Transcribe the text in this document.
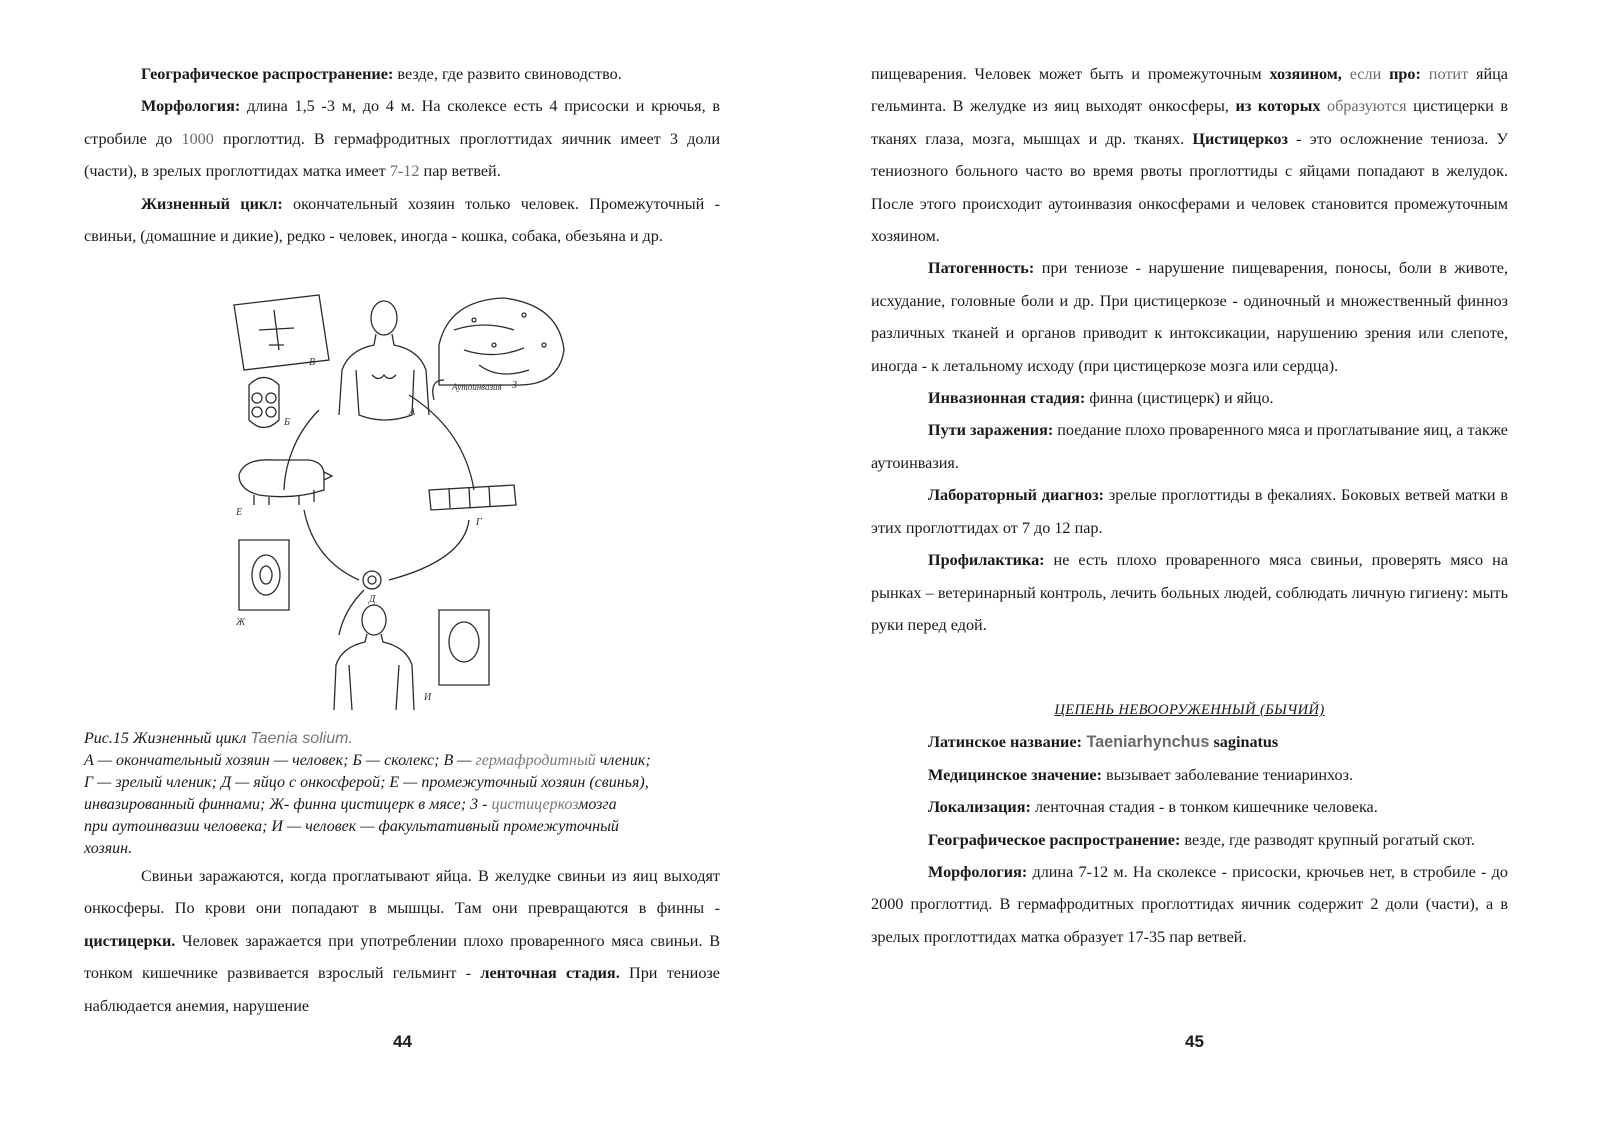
Географическое распространение: везде, где развито свиноводство.

Морфология: длина 1,5 -3 м, до 4 м. На сколексе есть 4 присоски и крючья, в стробиле до 1000 проглоттид. В гермафродитных проглоттидах яичник имеет 3 доли (части), в зрелых проглоттидах матка имеет 7-12 пар ветвей.

Жизненный цикл: окончательный хозяин только человек. Промежуточный - свиньи, (домашние и дикие), редко - человек, иногда - кошка, собака, обезьяна и др.

В
Б
А
З
Аутоинвазия
Е
Г
Д
Ж
И
Рис.15 Жизненный цикл Taenia solium.
А — окончательный хозяин — человек; Б — сколекс; В — гермафродитный членик;
Г — зрелый членик; Д — яйцо с онкосферой; Е — промежуточный хозяин (свинья),
инвазированный финнами; Ж- финна цистицерк в мясе; 3 - цистицеркозмозга
при аутоинвазии человека; И — человек — факультативный промежуточный
хозяин.

Свиньи заражаются, когда проглатывают яйца. В желудке свиньи из яиц выходят онкосферы. По крови они попадают в мышцы. Там они превращаются в финны - цистицерки. Человек заражается при употреблении плохо проваренного мяса свиньи. В тонком кишечнике развивается взрослый гельминт - ленточная стадия. При тениозе наблюдается анемия, нарушение

44

пищеварения. Человек может быть и промежуточным хозяином, если про: потит яйца гельминта. В желудке из яиц выходят онкосферы, из которых образуются цистицерки в тканях глаза, мозга, мышцах и др. тканях. Цистицеркоз - это осложнение тениоза. У тениозного больного часто во время рвоты проглоттиды с яйцами попадают в желудок. После этого происходит аутоинвазия онкосферами и человек становится промежуточным хозяином.

Патогенность: при тениозе - нарушение пищеварения, поносы, боли в животе, исхудание, головные боли и др. При цистицеркозе - одиночный и множественный финноз различных тканей и органов приводит к интоксикации, нарушению зрения или слепоте, иногда - к летальному исходу (при цистицеркозе мозга или сердца).

Инвазионная стадия: финна (цистицерк) и яйцо.

Пути заражения: поедание плохо проваренного мяса и проглатывание яиц, а также аутоинвазия.

Лабораторный диагноз: зрелые проглоттиды в фекалиях. Боковых ветвей матки в этих проглоттидах от 7 до 12 пар.

Профилактика: не есть плохо проваренного мяса свиньи, проверять мясо на рынках – ветеринарный контроль, лечить больных людей, соблюдать личную гигиену: мыть руки перед едой.

ЦЕПЕНЬ НЕВООРУЖЕННЫЙ (БЫЧИЙ)

Латинское название: Taeniarhynchus saginatus

Медицинское значение: вызывает заболевание тениаринхоз.

Локализация: ленточная стадия - в тонком кишечнике человека.

Географическое распространение: везде, где разводят крупный рогатый скот.

Морфология: длина 7-12 м. На сколексе - присоски, крючьев нет, в стробиле - до 2000 проглоттид. В гермафродитных проглоттидах яичник содержит 2 доли (части), а в зрелых проглоттидах матка образует 17-35 пар ветвей.

45
